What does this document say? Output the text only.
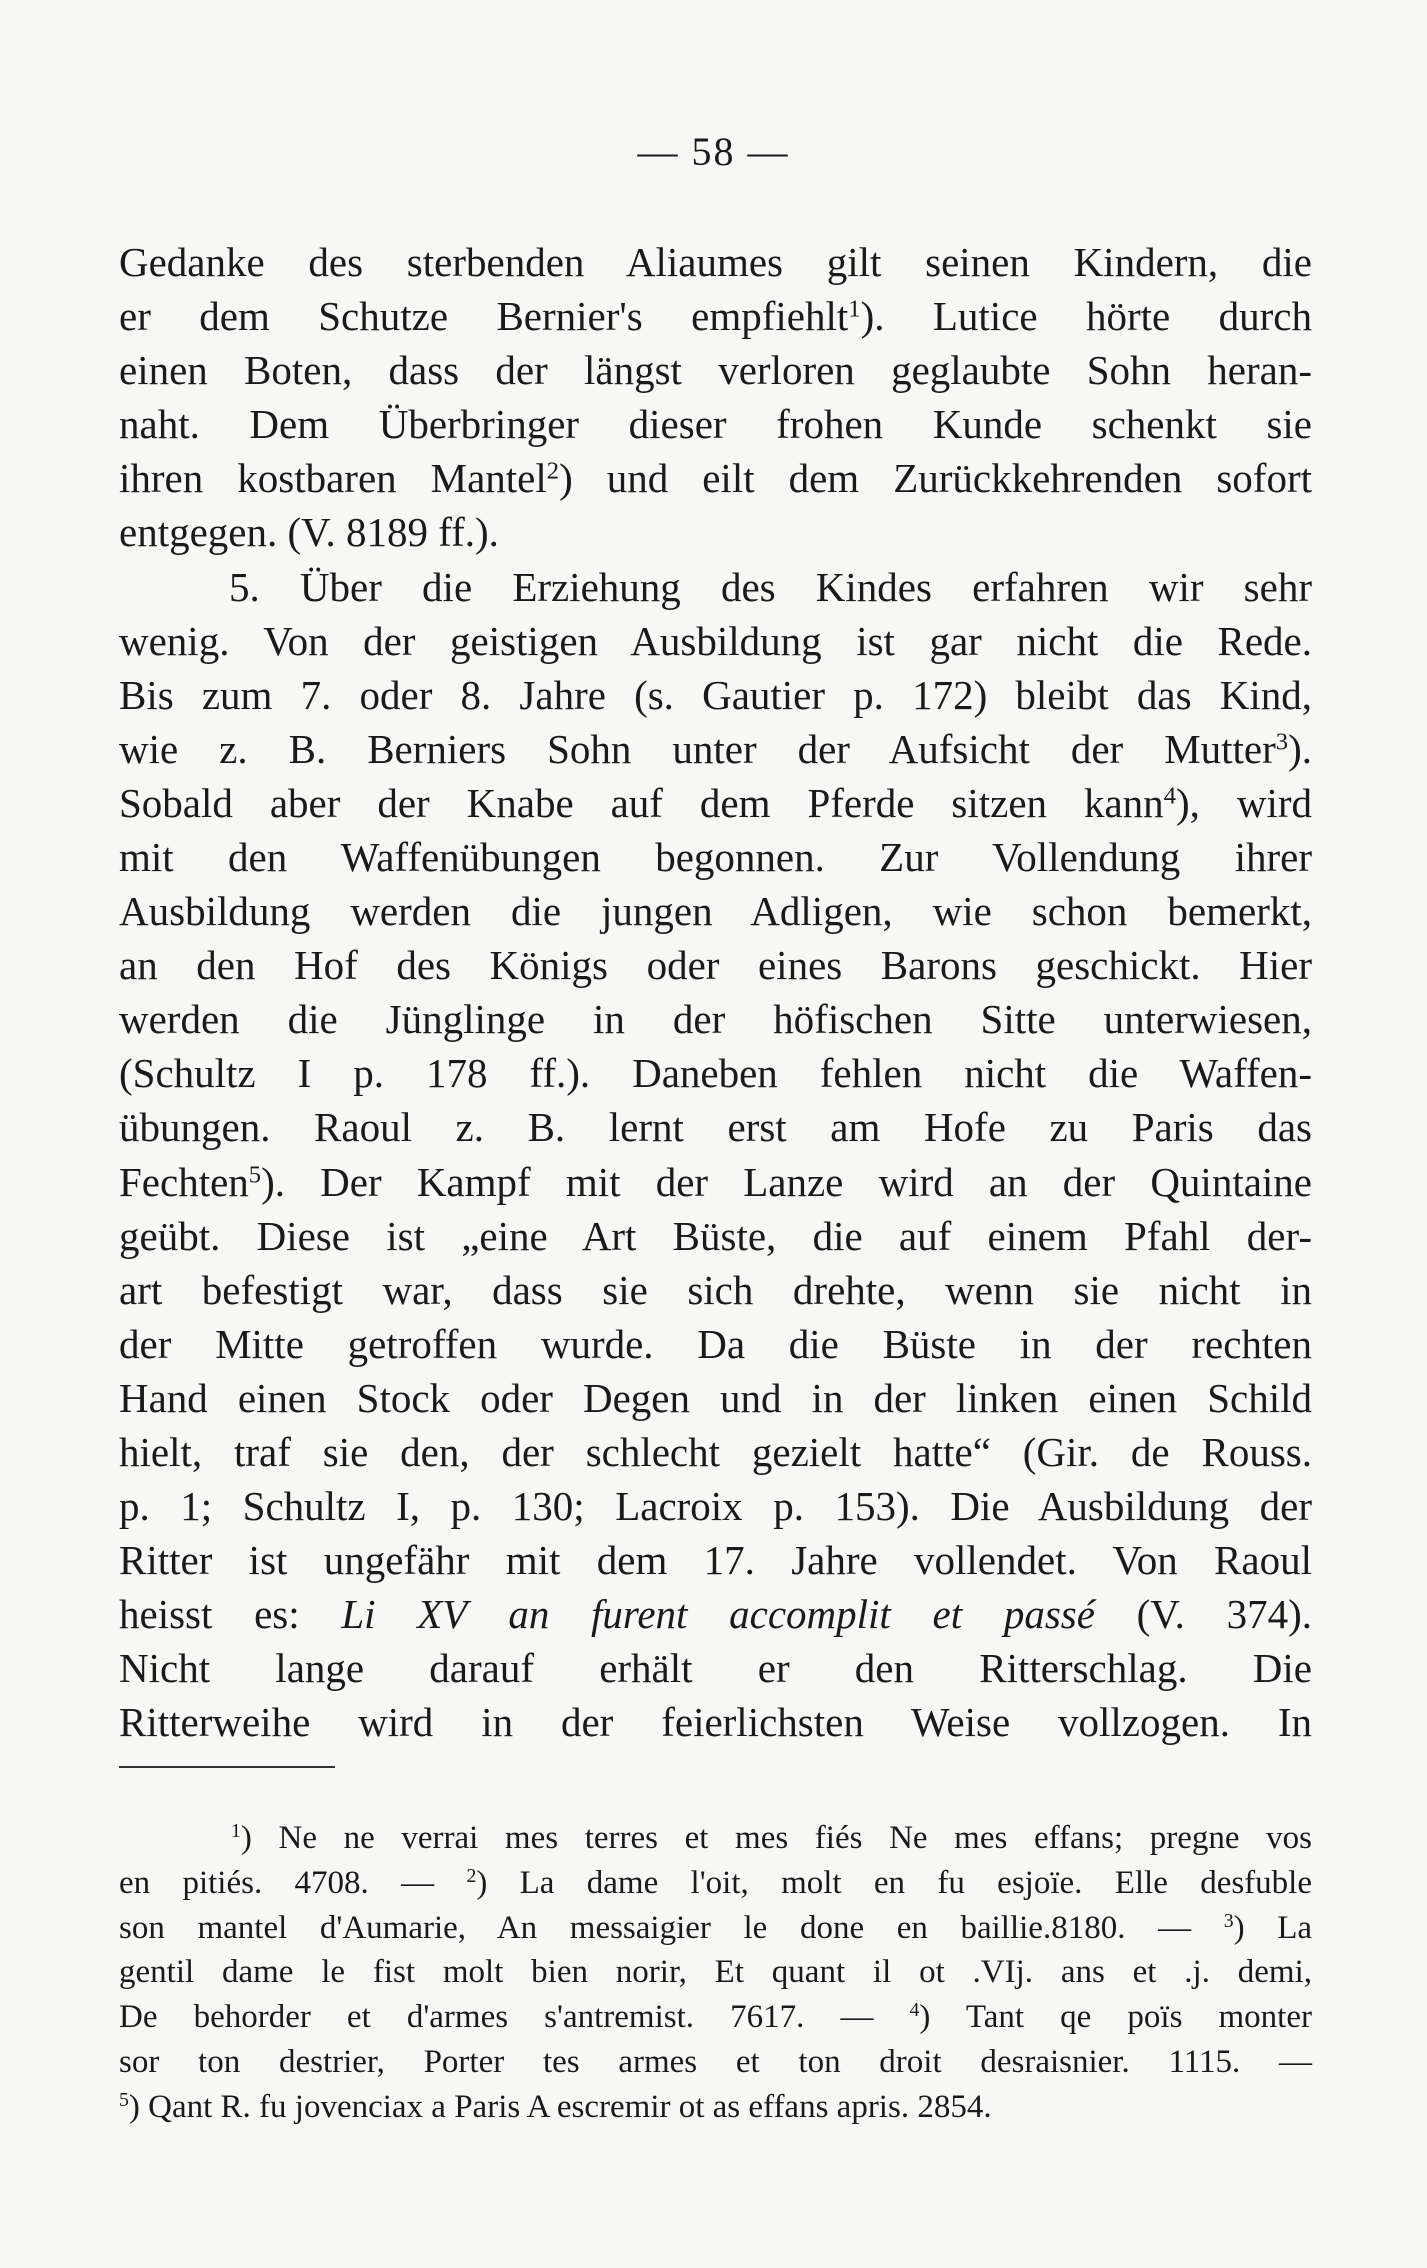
— 58 —
Gedanke des sterbenden Aliaumes gilt seinen Kindern, die
er dem Schutze Bernier's empfiehlt$^1$). Lutice hörte durch
einen Boten, dass der längst verloren geglaubte Sohn heran-
naht. Dem Überbringer dieser frohen Kunde schenkt sie
ihren kostbaren Mantel$^2$) und eilt dem Zurückkehrenden sofort
entgegen. (V. 8189 ff.).
5. Über die Erziehung des Kindes erfahren wir sehr
wenig. Von der geistigen Ausbildung ist gar nicht die Rede.
Bis zum 7. oder 8. Jahre (s. Gautier p. 172) bleibt das Kind,
wie z. B. Berniers Sohn unter der Aufsicht der Mutter$^3$).
Sobald aber der Knabe auf dem Pferde sitzen kann$^4$), wird
mit den Waffenübungen begonnen. Zur Vollendung ihrer
Ausbildung werden die jungen Adligen, wie schon bemerkt,
an den Hof des Königs oder eines Barons geschickt. Hier
werden die Jünglinge in der höfischen Sitte unterwiesen,
(Schultz I p. 178 ff.). Daneben fehlen nicht die Waffen-
übungen. Raoul z. B. lernt erst am Hofe zu Paris das
Fechten$^5$). Der Kampf mit der Lanze wird an der Quintaine
geübt. Diese ist „eine Art Büste, die auf einem Pfahl der-
art befestigt war, dass sie sich drehte, wenn sie nicht in
der Mitte getroffen wurde. Da die Büste in der rechten
Hand einen Stock oder Degen und in der linken einen Schild
hielt, traf sie den, der schlecht gezielt hatte“ (Gir. de Rouss.
p. 1; Schultz I, p. 130; Lacroix p. 153). Die Ausbildung der
Ritter ist ungefähr mit dem 17. Jahre vollendet. Von Raoul
heisst es: Li XV an furent accomplit et passé (V. 374).
Nicht lange darauf erhält er den Ritterschlag. Die
Ritterweihe wird in der feierlichsten Weise vollzogen. In
$^1$) Ne ne verrai mes terres et mes fiés Ne mes effans; pregne vos
en pitiés. 4708. — $^2$) La dame l'oit, molt en fu esjoïe. Elle desfuble
son mantel d'Aumarie, An messaigier le done en baillie.8180. — $^3$) La
gentil dame le fist molt bien norir, Et quant il ot .VIj. ans et .j. demi,
De behorder et d'armes s'antremist. 7617. — $^4$) Tant qe poïs monter
sor ton destrier, Porter tes armes et ton droit desraisnier. 1115. —
$^5$) Qant R. fu jovenciax a Paris A escremir ot as effans apris. 2854.
